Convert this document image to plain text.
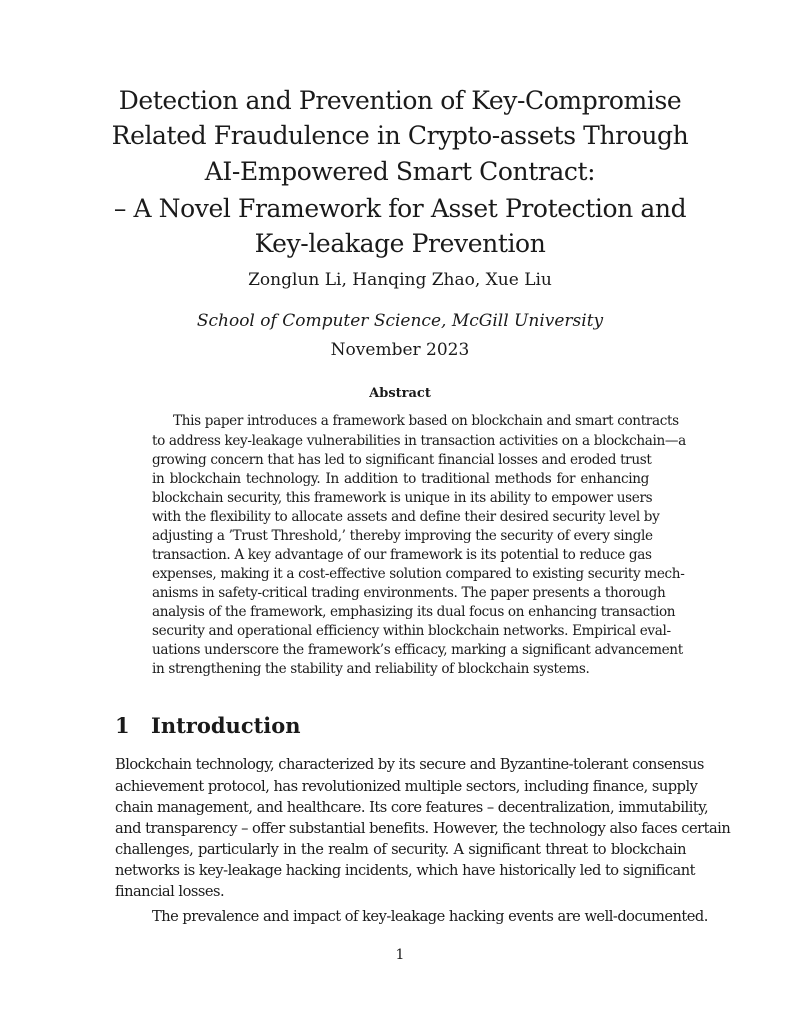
Detection and Prevention of Key-Compromise
Related Fraudulence in Crypto-assets Through
AI-Empowered Smart Contract:
– A Novel Framework for Asset Protection and
Key-leakage Prevention
Zonglun Li, Hanqing Zhao, Xue Liu
School of Computer Science, McGill University
November 2023
Abstract
This paper introduces a framework based on blockchain and smart contracts
to address key-leakage vulnerabilities in transaction activities on a blockchain—a
growing concern that has led to significant financial losses and eroded trust
in blockchain technology. In addition to traditional methods for enhancing
blockchain security, this framework is unique in its ability to empower users
with the flexibility to allocate assets and define their desired security level by
adjusting a ’Trust Threshold,’ thereby improving the security of every single
transaction. A key advantage of our framework is its potential to reduce gas
expenses, making it a cost-effective solution compared to existing security mech-
anisms in safety-critical trading environments. The paper presents a thorough
analysis of the framework, emphasizing its dual focus on enhancing transaction
security and operational efficiency within blockchain networks. Empirical eval-
uations underscore the framework’s efficacy, marking a significant advancement
in strengthening the stability and reliability of blockchain systems.
1 Introduction
Blockchain technology, characterized by its secure and Byzantine-tolerant consensus
achievement protocol, has revolutionized multiple sectors, including finance, supply
chain management, and healthcare. Its core features – decentralization, immutability,
and transparency – offer substantial benefits. However, the technology also faces certain
challenges, particularly in the realm of security. A significant threat to blockchain
networks is key-leakage hacking incidents, which have historically led to significant
financial losses.
The prevalence and impact of key-leakage hacking events are well-documented.
1
